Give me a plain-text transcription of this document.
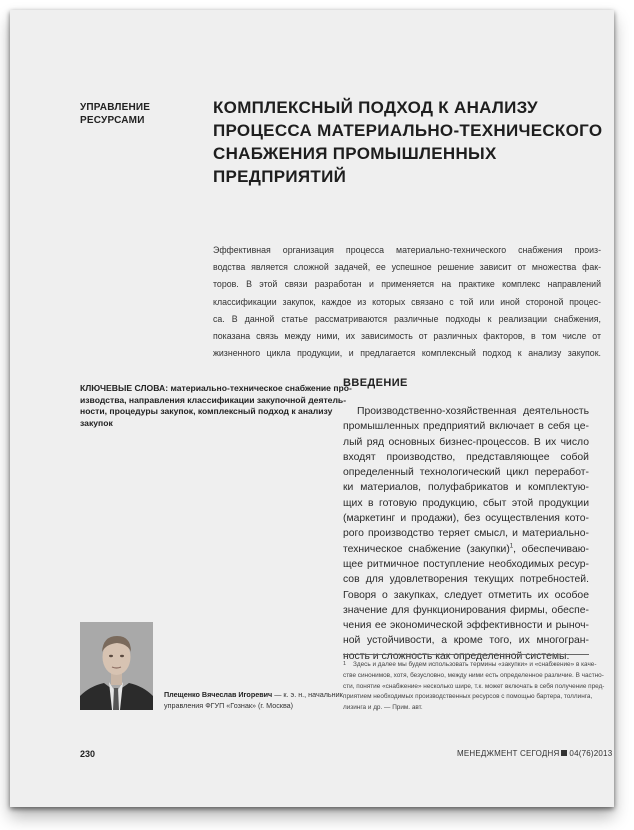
УПРАВЛЕНИЕ
РЕСУРСАМИ
КОМПЛЕКСНЫЙ ПОДХОД К АНАЛИЗУ
ПРОЦЕССА МАТЕРИАЛЬНО-ТЕХНИЧЕСКОГО
СНАБЖЕНИЯ ПРОМЫШЛЕННЫХ
ПРЕДПРИЯТИЙ
Эффективная организация процесса материально-технического снабжения произ-
водства является сложной задачей, ее успешное решение зависит от множества фак-
торов. В этой связи разработан и применяется на практике комплекс направлений
классификации закупок, каждое из которых связано с той или иной стороной процес-
са. В данной статье рассматриваются различные подходы к реализации снабжения,
показана связь между ними, их зависимость от различных факторов, в том числе от
жизненного цикла продукции, и предлагается комплексный подход к анализу закупок.
КЛЮЧЕВЫЕ СЛОВА: материально-техническое снабжение про-
изводства, направления классификации закупочной деятель-
ности, процедуры закупок, комплексный подход к анализу
закупок
ВВЕДЕНИЕ
Производственно-хозяйственная деятельность
промышленных предприятий включает в себя це-
лый ряд основных бизнес-процессов. В их число
входят производство, представляющее собой
определенный технологический цикл переработ-
ки материалов, полуфабрикатов и комплектую-
щих в готовую продукцию, сбыт этой продукции
(маркетинг и продажи), без осуществления кото-
рого производство теряет смысл, и материально-
техническое снабжение (закупки)$^1$, обеспечиваю-
щее ритмичное поступление необходимых ресур-
сов для удовлетворения текущих потребностей.
Говоря о закупках, следует отметить их особое
значение для функционирования фирмы, обеспе-
чения ее экономической эффективности и рыноч-
ной устойчивости, а кроме того, их многогран-
ность и сложность как определенной системы.
Плещенко Вячеслав Игоревич — к. э. н., начальник
управления ФГУП «Гознак» (г. Москва)
1	Здесь и далее мы будем использовать термины «закупки» и «снабжение» в каче-
стве синонимов, хотя, безусловно, между ними есть определенное различие. В частно-
сти, понятие «снабжение» несколько шире, т.к. может включать в себя получение пред-
приятием необходимых производственных ресурсов с помощью бартера, толлинга,
лизинга и др. — Прим. авт.
230	МЕНЕДЖМЕНТ СЕГОДНЯ 04(76)2013
